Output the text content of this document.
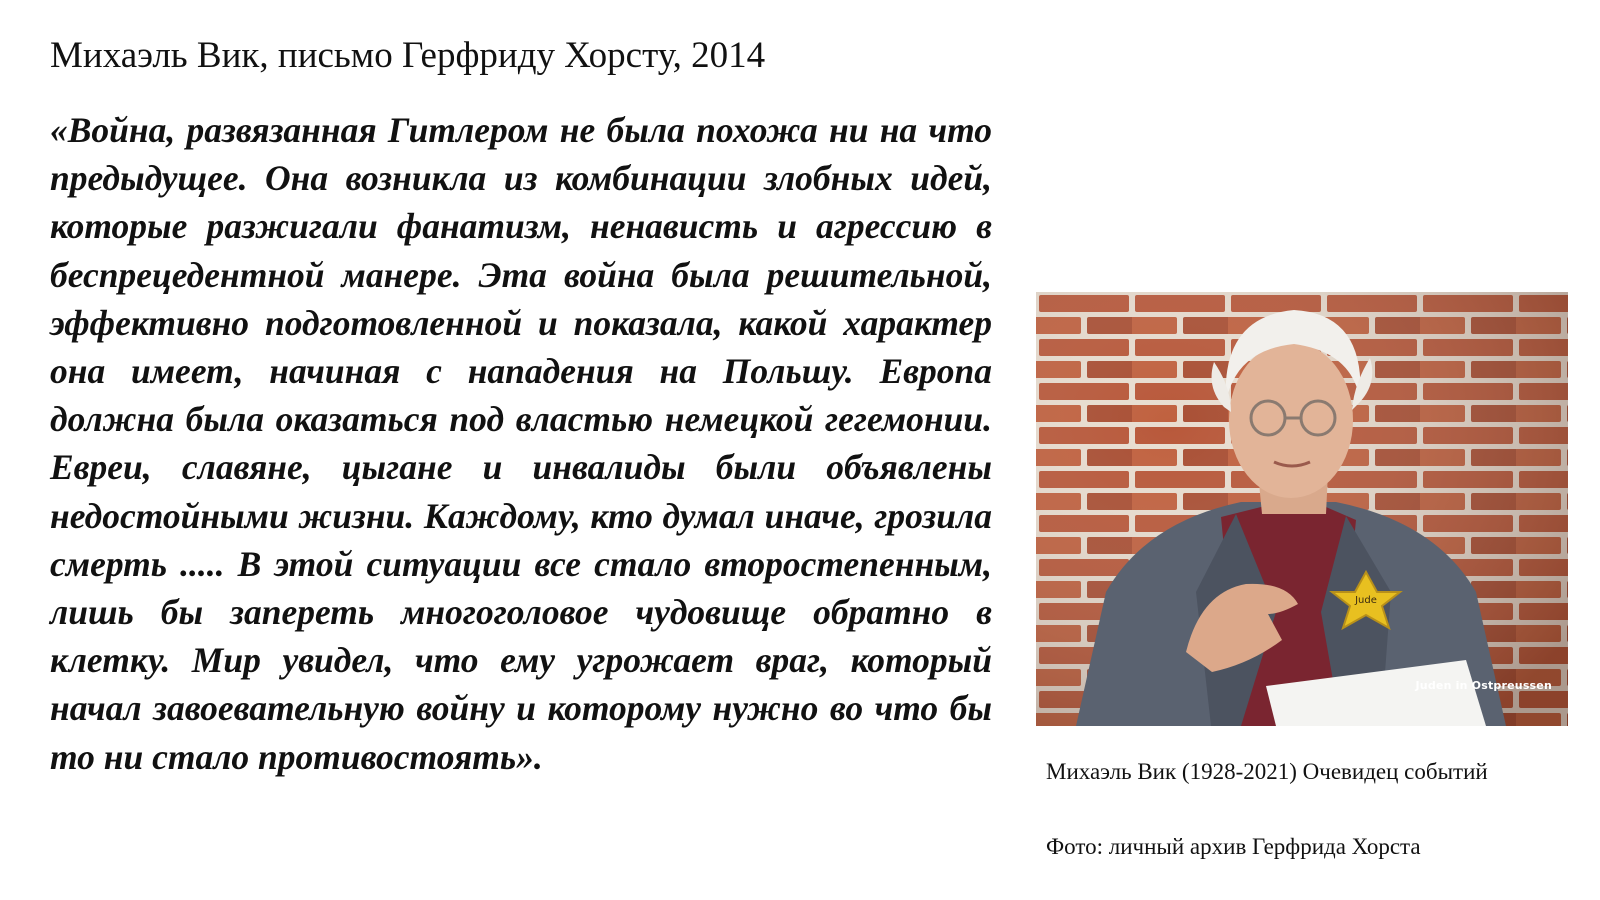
Михаэль Вик, письмо Герфриду Хорсту, 2014

«Война, развязанная Гитлером не была похожа ни на что предыдущее. Она возникла из комбинации злобных идей, которые разжигали фанатизм, ненависть и агрессию в беспрецедентной манере. Эта война была решительной, эффективно подготовленной и показала, какой характер она имеет, начиная с нападения на Польшу. Европа должна была оказаться под властью немецкой гегемонии. Евреи, славяне, цыгане и инвалиды были объявлены недостойными жизни. Каждому, кто думал иначе, грозила смерть ..... В этой ситуации все стало второстепенным, лишь бы запереть многоголовое чудовище обратно в клетку. Мир увидел, что ему угрожает враг, который начал завоевательную войну и которому нужно во что бы то ни стало противостоять».

Jude
Juden in Ostpreussen
Михаэль Вик (1928-2021) Очевидец событий
Фото: личный архив Герфрида Хорста
